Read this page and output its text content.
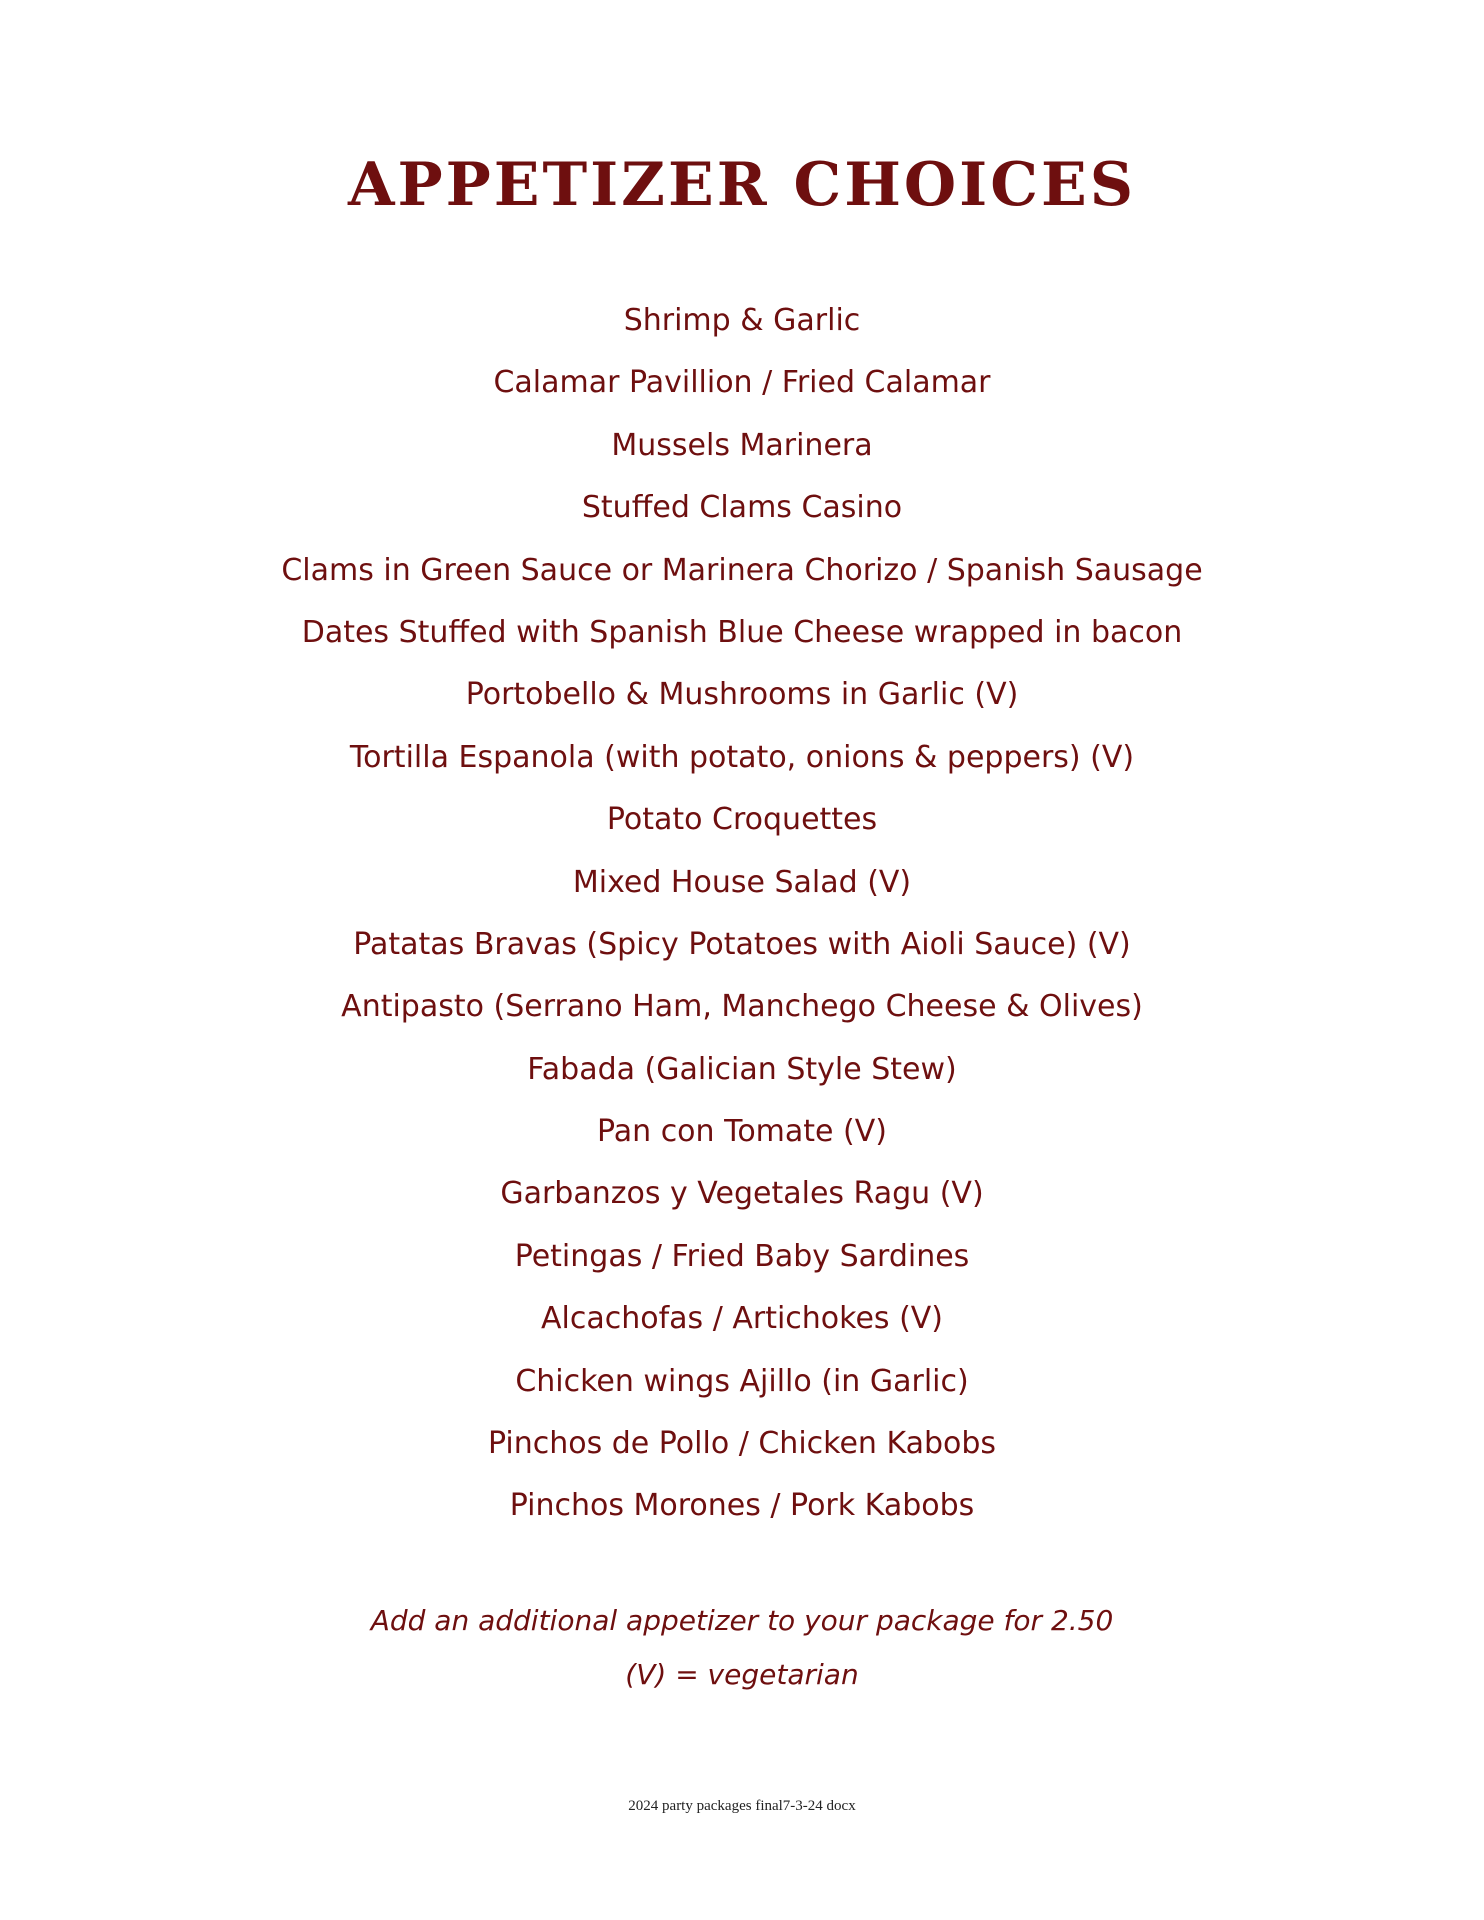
APPETIZER CHOICES
Shrimp & Garlic
Calamar Pavillion / Fried Calamar
Mussels Marinera
Stuffed Clams Casino
Clams in Green Sauce or Marinera Chorizo / Spanish Sausage
Dates Stuffed with Spanish Blue Cheese wrapped in bacon
Portobello & Mushrooms in Garlic (V)
Tortilla Espanola (with potato, onions & peppers) (V)
Potato Croquettes
Mixed House Salad (V)
Patatas Bravas (Spicy Potatoes with Aioli Sauce) (V)
Antipasto (Serrano Ham, Manchego Cheese & Olives)
Fabada (Galician Style Stew)
Pan con Tomate (V)
Garbanzos y Vegetales Ragu (V)
Petingas / Fried Baby Sardines
Alcachofas / Artichokes (V)
Chicken wings Ajillo (in Garlic)
Pinchos de Pollo / Chicken Kabobs
Pinchos Morones / Pork Kabobs

Add an additional appetizer to your package for 2.50

(V) = vegetarian

2024 party packages final7-3-24 docx
